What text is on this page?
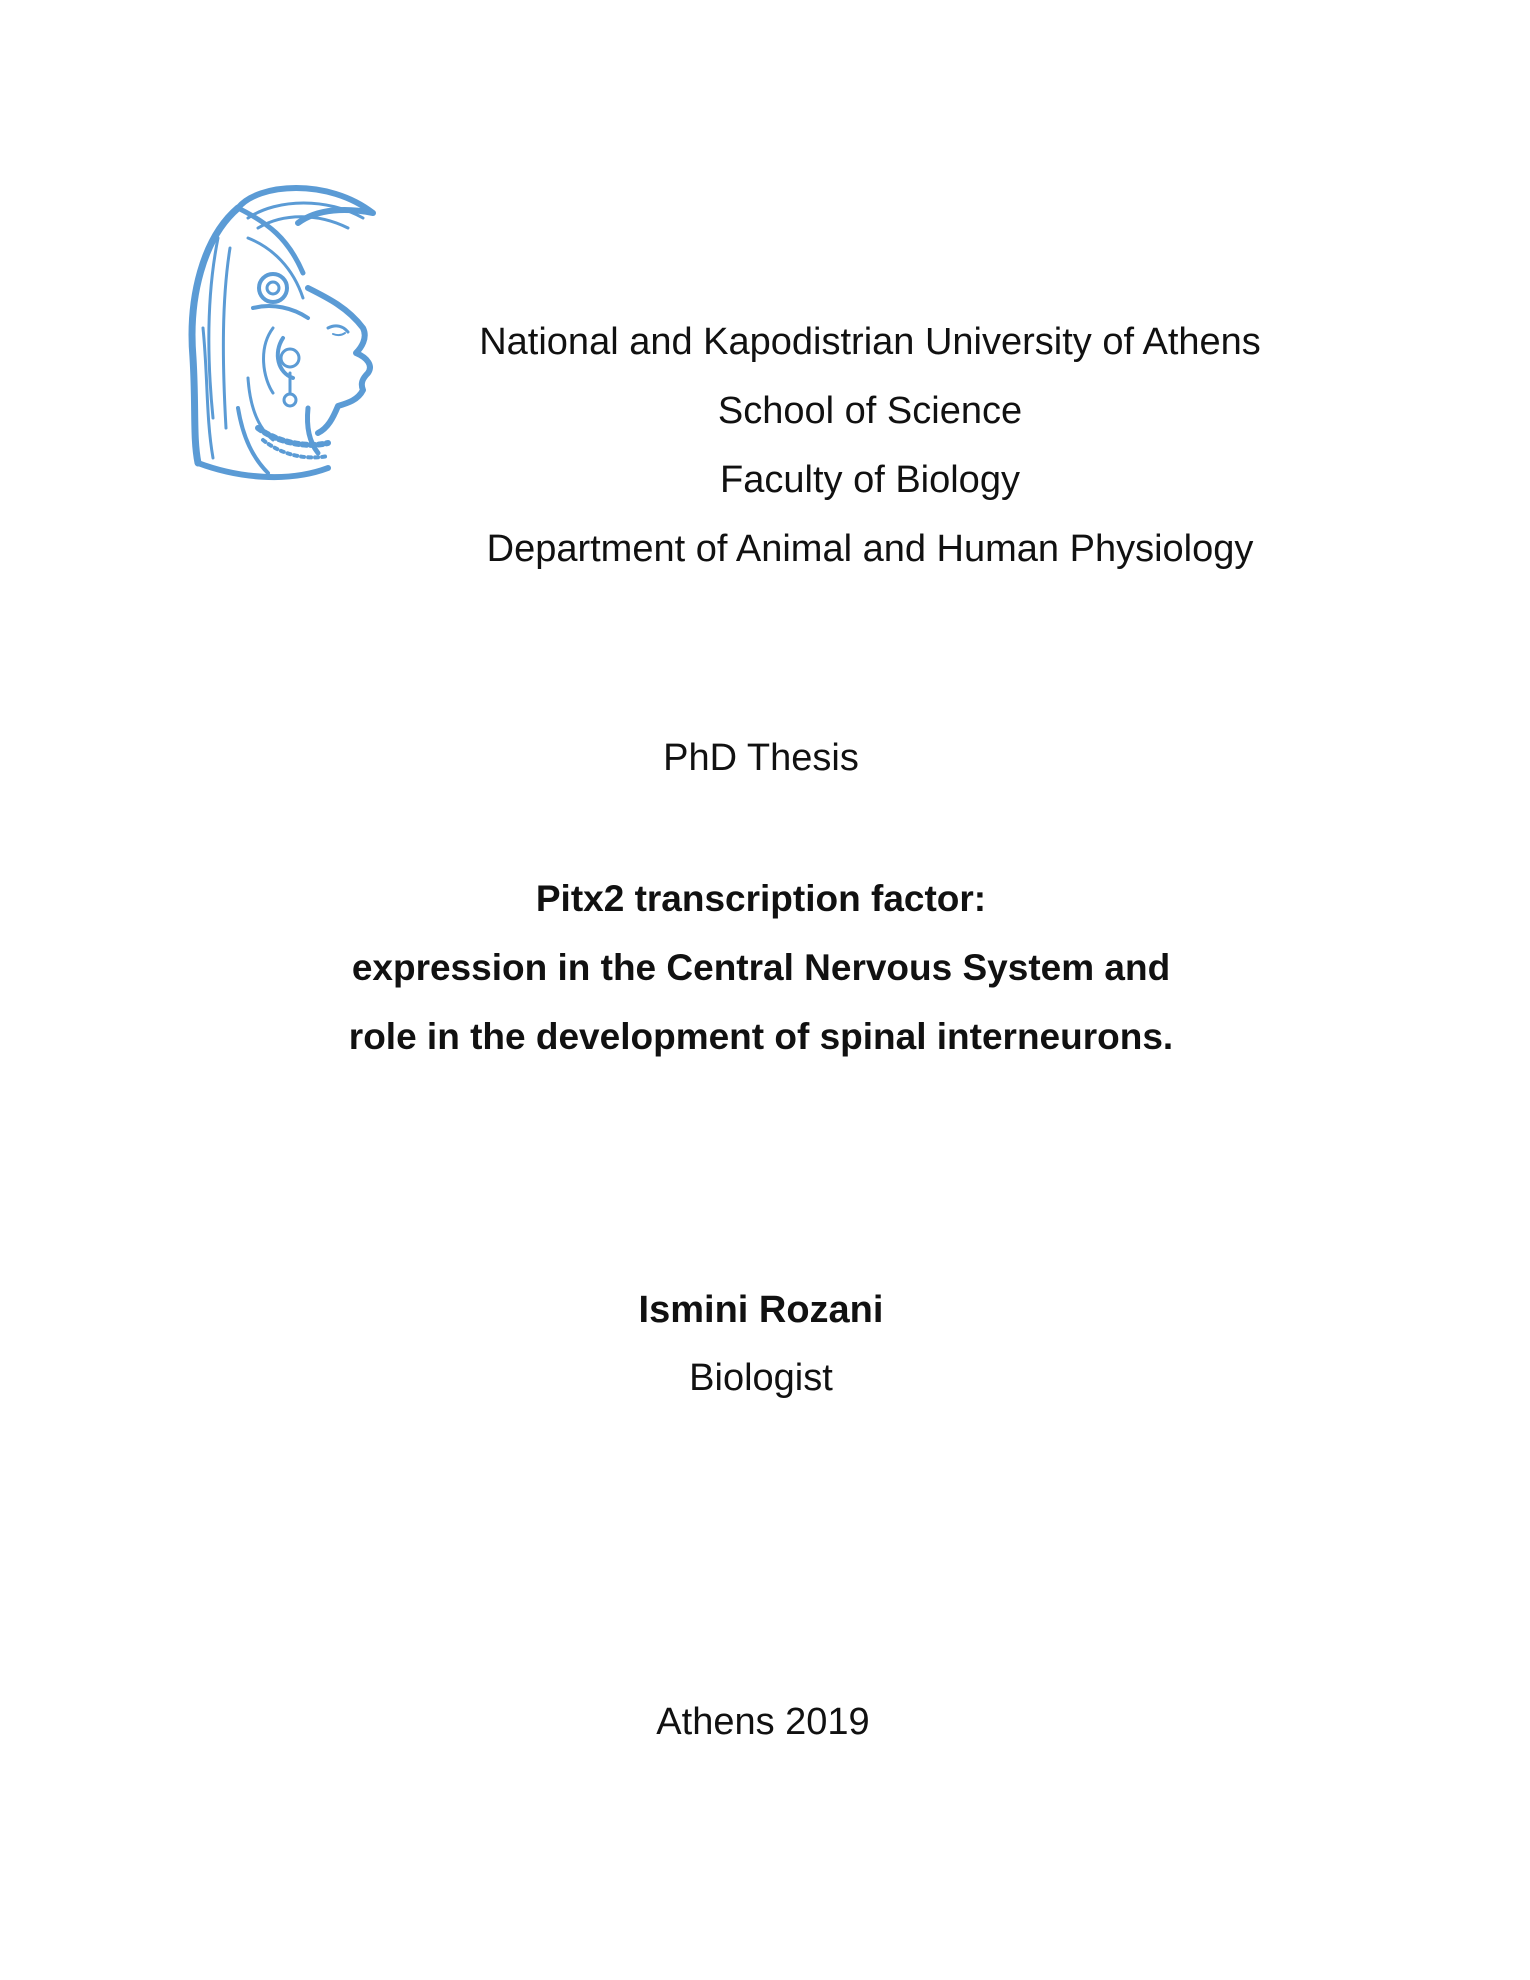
National and Kapodistrian University of Athens
School of Science
Faculty of Biology
Department of Animal and Human Physiology
PhD Thesis
Pitx2 transcription factor:
expression in the Central Nervous System and
role in the development of spinal interneurons.
Ismini Rozani
Biologist
Athens 2019
